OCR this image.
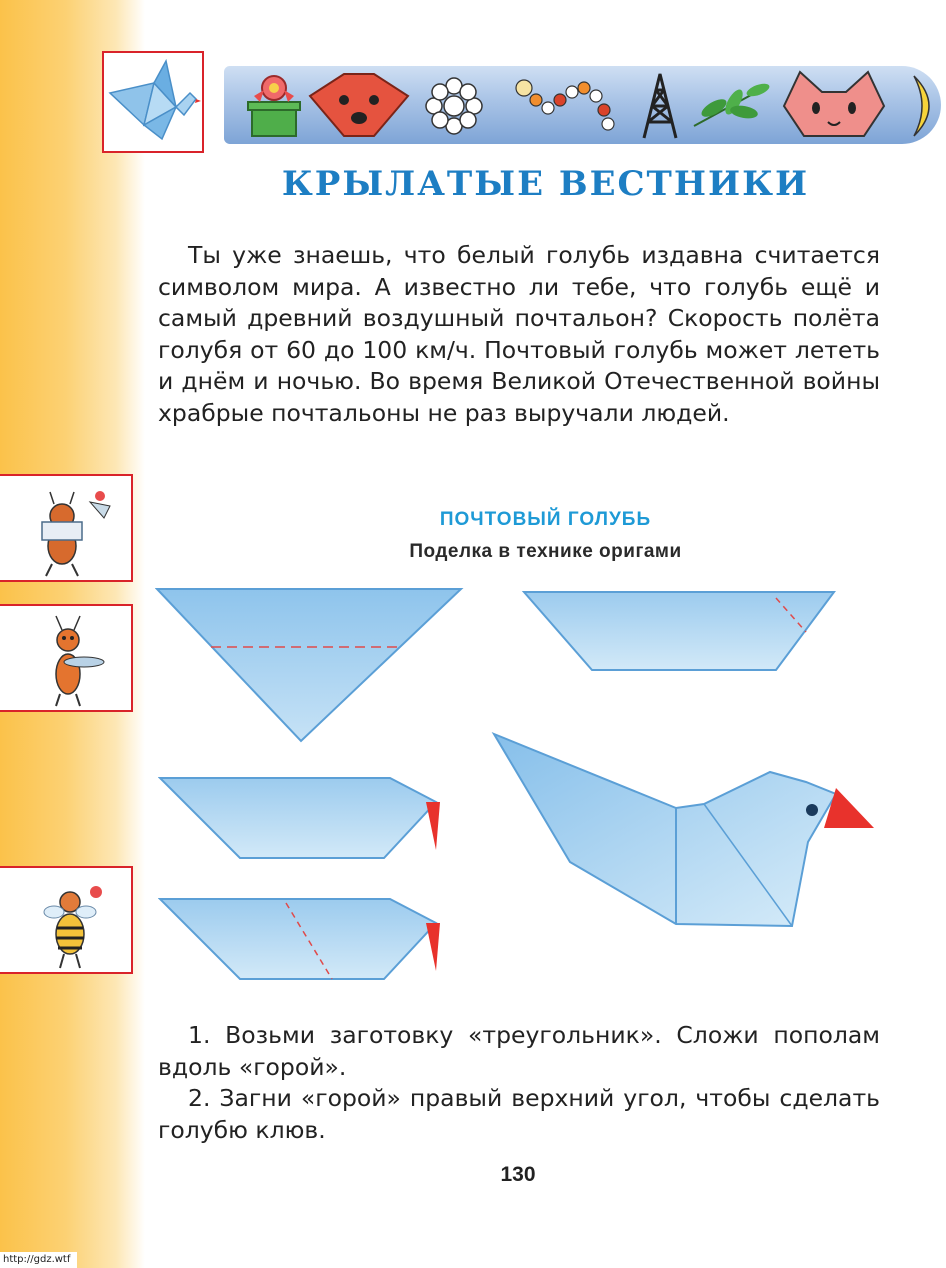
КРЫЛАТЫЕ ВЕСТНИКИ

Ты уже знаешь, что белый голубь издавна считается символом мира. А известно ли тебе, что голубь ещё и самый древний воздушный почтальон? Скорость полёта голубя от 60 до 100 км/ч. Почтовый голубь может лететь и днём и ночью. Во время Великой Отечественной войны храбрые почтальоны не раз выручали людей.

ПОЧТОВЫЙ ГОЛУБЬ
Поделка в технике оригами

1. Возьми заготовку «треугольник». Сложи пополам вдоль «горой».

2. Загни «горой» правый верхний угол, чтобы сделать голубю клюв.

130
http://gdz.wtf
